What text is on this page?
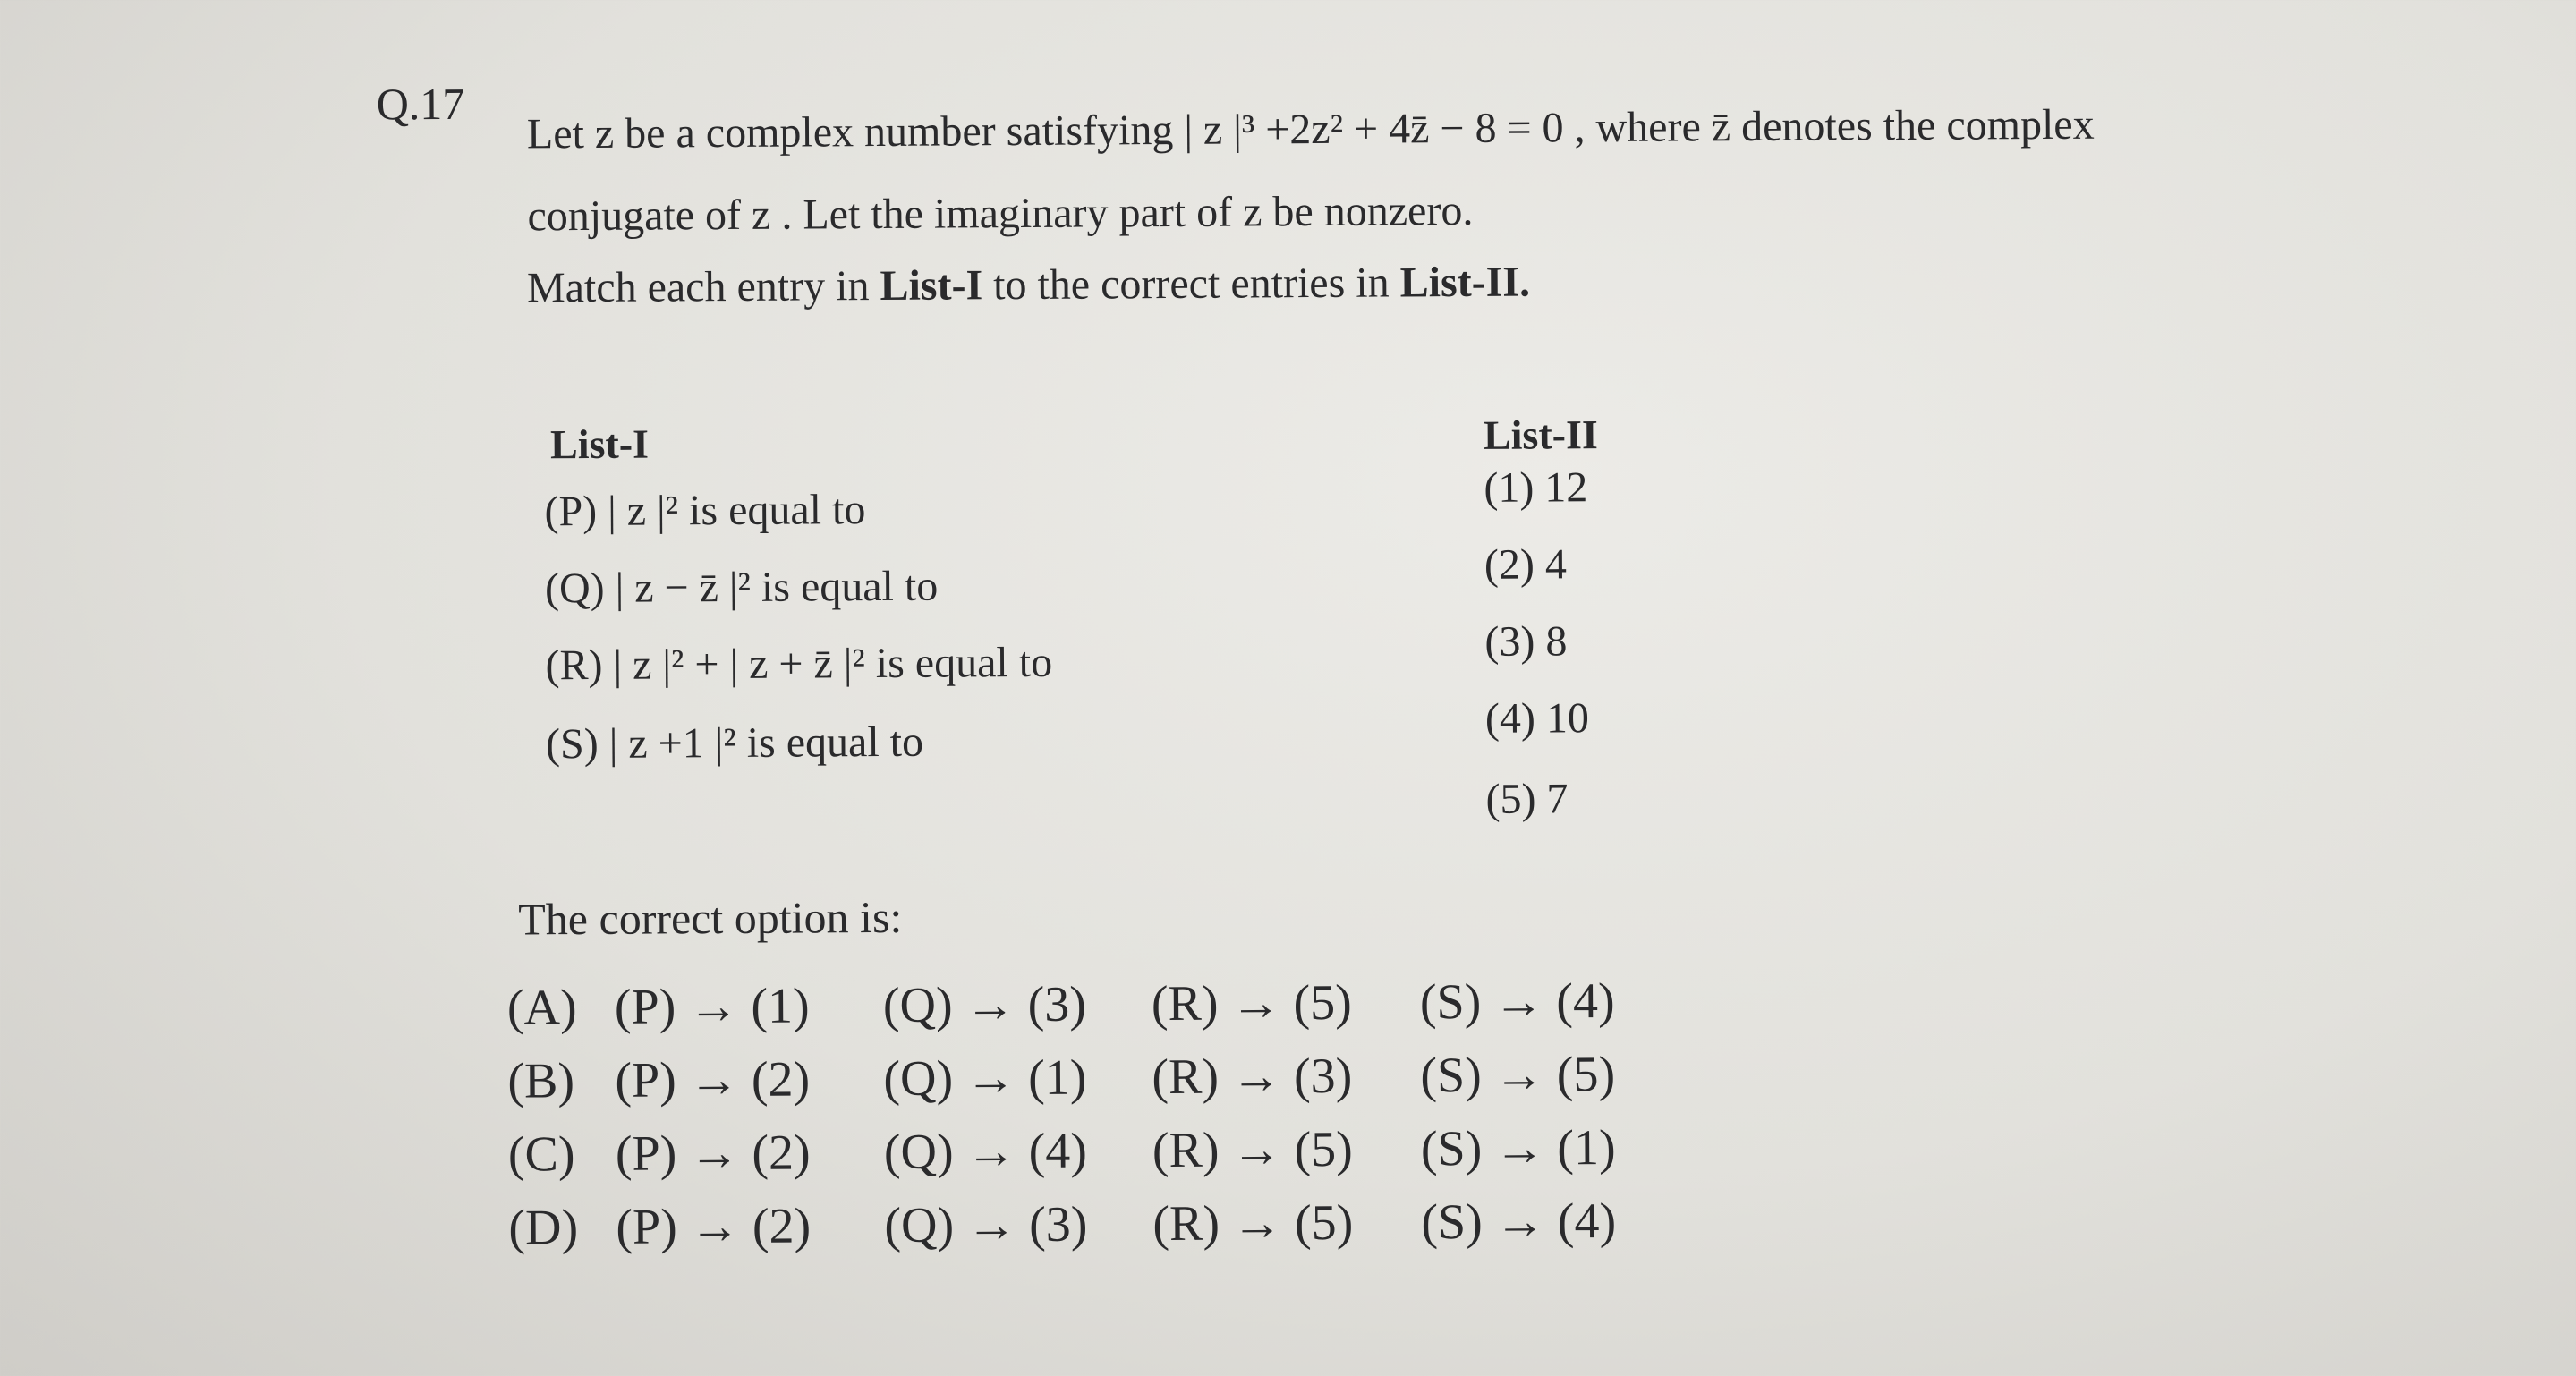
Q.17 Let z be a complex number satisfying | z |³ +2z² + 4z̄ − 8 = 0 , where z̄ denotes the complex
conjugate of z . Let the imaginary part of z be nonzero.
Match each entry in List-I to the correct entries in List-II.
List-I	List-II
(P) | z |² is equal to
(Q) | z − z̄ |² is equal to
(R) | z |² + | z + z̄ |² is equal to
(S) | z +1 |² is equal to
(1) 12
(2) 4
(3) 8
(4) 10
(5) 7
The correct option is:
(A) (P) → (1) (Q) → (3) (R) → (5) (S) → (4)
(B) (P) → (2) (Q) → (1) (R) → (3) (S) → (5)
(C) (P) → (2) (Q) → (4) (R) → (5) (S) → (1)
(D) (P) → (2) (Q) → (3) (R) → (5) (S) → (4)
